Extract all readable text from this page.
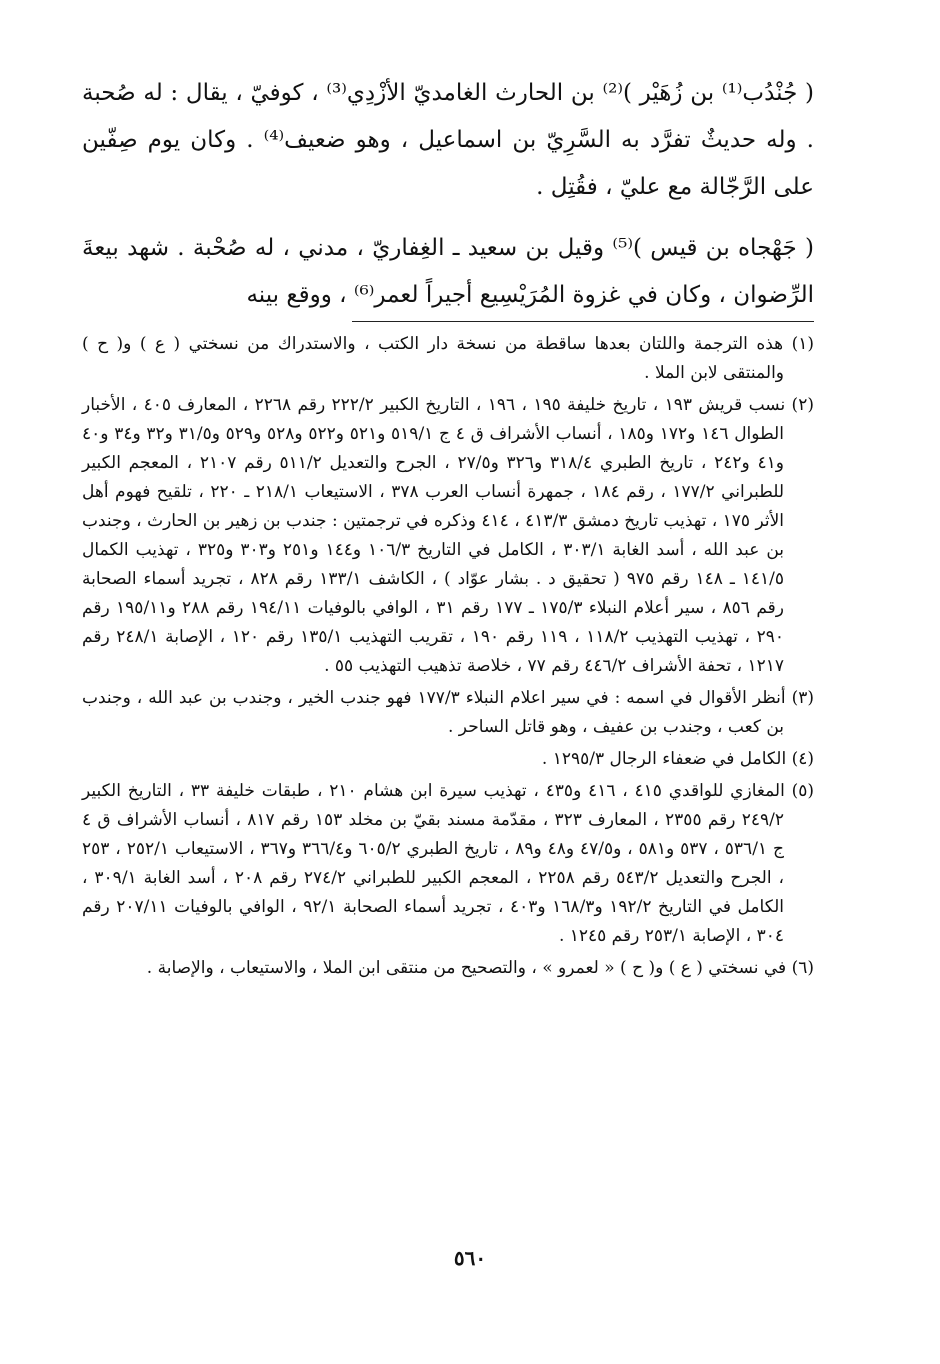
( جُنْدُب⁽¹⁾ بن زُهَيْر )⁽²⁾ بن الحارث الغامديّ الأزْدِي⁽³⁾ ، كوفيّ ، يقال : له صُحبة . وله حديثٌ تفرَّد به السَّرِيّ بن اسماعيل ، وهو ضعيف⁽⁴⁾ . وكان يوم صِفّين على الرَّجّالة مع عليّ ، فقُتِل .

( جَهْجاه بن قيس )⁽⁵⁾ وقيل بن سعيد ـ الغِفاريّ ، مدني ، له صُحْبة . شهد بيعةَ الرِّضوان ، وكان في غزوة المُرَيْسِيع أجيراً لعمر⁽⁶⁾ ، ووقع بينه

(١) هذه الترجمة واللتان بعدها ساقطة من نسخة دار الكتب ، والاستدراك من نسختي ( ع ) و( ح ) والمنتقى لابن الملا .

(٢) نسب قريش ١٩٣ ، تاريخ خليفة ١٩٥ ، ١٩٦ ، التاريخ الكبير ٢٢٢/٢ رقم ٢٢٦٨ ، المعارف ٤٠٥ ، الأخبار الطوال ١٤٦ و١٧٢ و١٨٥ ، أنساب الأشراف ق ٤ ج ٥١٩/١ و٥٢١ و٥٢٢ و٥٢٨ و٥٢٩ و٣١/٥ و٣٢ و٣٤ و٤٠ و٤١ و٢٤٢ ، تاريخ الطبري ٣١٨/٤ و٣٢٦ و٢٧/٥ ، الجرح والتعديل ٥١١/٢ رقم ٢١٠٧ ، المعجم الكبير للطبراني ١٧٧/٢ ، رقم ١٨٤ ، جمهرة أنساب العرب ٣٧٨ ، الاستيعاب ٢١٨/١ ـ ٢٢٠ ، تلقيح فهوم أهل الأثر ١٧٥ ، تهذيب تاريخ دمشق ٤١٣/٣ ، ٤١٤ وذكره في ترجمتين : جندب بن زهير بن الحارث ، وجندب بن عبد الله ، أسد الغابة ٣٠٣/١ ، الكامل في التاريخ ١٠٦/٣ و١٤٤ و٢٥١ و٣٠٣ و٣٢٥ ، تهذيب الكمال ١٤١/٥ ـ ١٤٨ رقم ٩٧٥ ( تحقيق د . بشار عوّاد ) ، الكاشف ١٣٣/١ رقم ٨٢٨ ، تجريد أسماء الصحابة رقم ٨٥٦ ، سير أعلام النبلاء ١٧٥/٣ ـ ١٧٧ رقم ٣١ ، الوافي بالوفيات ١٩٤/١١ رقم ٢٨٨ و١٩٥/١١ رقم ٢٩٠ ، تهذيب التهذيب ١١٨/٢ ، ١١٩ رقم ١٩٠ ، تقريب التهذيب ١٣٥/١ رقم ١٢٠ ، الإصابة ٢٤٨/١ رقم ١٢١٧ ، تحفة الأشراف ٤٤٦/٢ رقم ٧٧ ، خلاصة تذهيب التهذيب ٥٥ .

(٣) أنظر الأقوال في اسمه : في سير اعلام النبلاء ١٧٧/٣ فهو جندب الخير ، وجندب بن عبد الله ، وجندب بن كعب ، وجندب بن عفيف ، وهو قاتل الساحر .

(٤) الكامل في ضعفاء الرجال ١٢٩٥/٣ .

(٥) المغازي للواقدي ٤١٥ ، ٤١٦ و٤٣٥ ، تهذيب سيرة ابن هشام ٢١٠ ، طبقات خليفة ٣٣ ، التاريخ الكبير ٢٤٩/٢ رقم ٢٣٥٥ ، المعارف ٣٢٣ ، مقدّمة مسند بقيّ بن مخلد ١٥٣ رقم ٨١٧ ، أنساب الأشراف ق ٤ ج ٥٣٦/١ ، ٥٣٧ و٥٨١ ، و٤٧/٥ و٤٨ و٨٩ ، تاريخ الطبري ٦٠٥/٢ و٣٦٦/٤ و٣٦٧ ، الاستيعاب ٢٥٢/١ ، ٢٥٣ ، الجرح والتعديل ٥٤٣/٢ رقم ٢٢٥٨ ، المعجم الكبير للطبراني ٢٧٤/٢ رقم ٢٠٨ ، أسد الغابة ٣٠٩/١ ، الكامل في التاريخ ١٩٢/٢ و١٦٨/٣ و٤٠٣ ، تجريد أسماء الصحابة ٩٢/١ ، الوافي بالوفيات ٢٠٧/١١ رقم ٣٠٤ ، الإصابة ٢٥٣/١ رقم ١٢٤٥ .

(٦) في نسختي ( ع ) و( ح ) « لعمرو » ، والتصحيح من منتقى ابن الملا ، والاستيعاب ، والإصابة .

٥٦٠
